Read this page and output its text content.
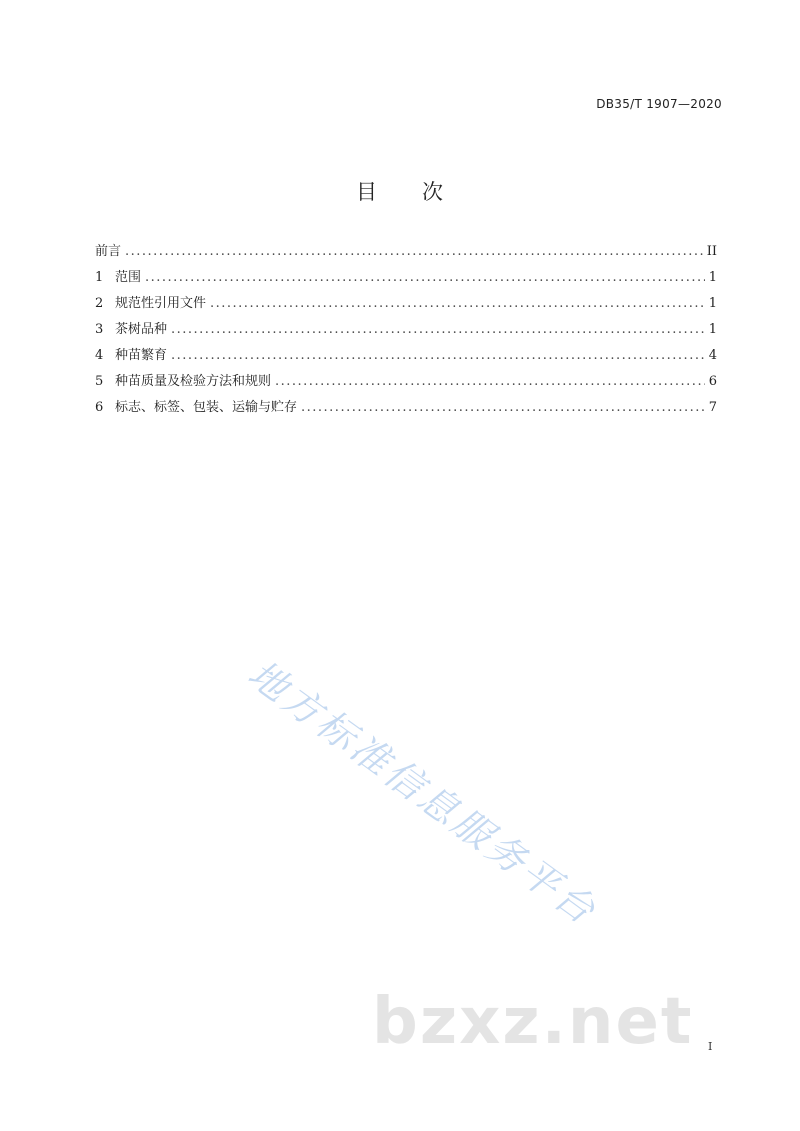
DB35/T 1907—2020
目 次
前言 .....	II
1 范围 .....	1
2 规范性引用文件 .....	1
3 茶树品种 .....	1
4 种苗繁育 .....	4
5 种苗质量及检验方法和规则 .....	6
6 标志、标签、包装、运输与贮存 .....	7
地方标准信息服务平台
bzxz.net I
